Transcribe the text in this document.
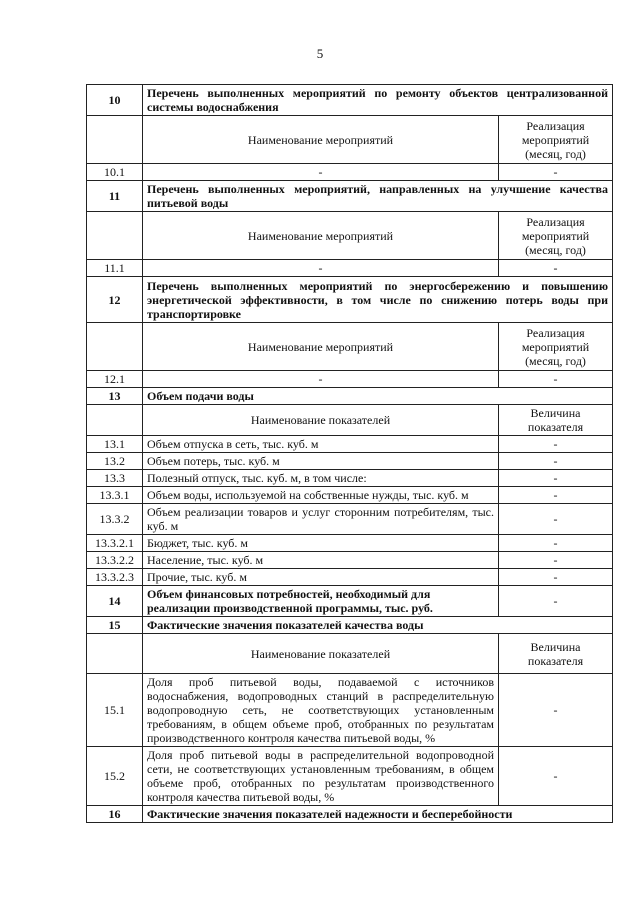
5
10	Перечень выполненных мероприятий по ремонту объектов централизованной системы водоснабжения	
	Наименование мероприятий	Реализация мероприятий (месяц, год)
10.1	-	-
11	Перечень выполненных мероприятий, направленных на улучшение качества питьевой воды	
	Наименование мероприятий	Реализация мероприятий (месяц, год)
11.1	-	-
12	Перечень выполненных мероприятий по энергосбережению и повышению энергетической эффективности, в том числе по снижению потерь воды при транспортировке	
	Наименование мероприятий	Реализация мероприятий (месяц, год)
12.1	-	-
13	Объем подачи воды	
	Наименование показателей	Величина показателя
13.1	Объем отпуска в сеть, тыс. куб. м	-
13.2	Объем потерь, тыс. куб. м	-
13.3	Полезный отпуск, тыс. куб. м, в том числе:	-
13.3.1	Объем воды, используемой на собственные нужды, тыс. куб. м	-
13.3.2	Объем реализации товаров и услуг сторонним потребителям, тыс. куб. м	-
13.3.2.1	Бюджет, тыс. куб. м	-
13.3.2.2	Население, тыс. куб. м	-
13.3.2.3	Прочие, тыс. куб. м	-
14	Объем финансовых потребностей, необходимый для реализации производственной программы, тыс. руб.	-
15	Фактические значения показателей качества воды	
	Наименование показателей	Величина показателя
15.1	Доля проб питьевой воды, подаваемой с источников водоснабжения, водопроводных станций в распределительную водопроводную сеть, не соответствующих установленным требованиям, в общем объеме проб, отобранных по результатам производственного контроля качества питьевой воды, %	-
15.2	Доля проб питьевой воды в распределительной водопроводной сети, не соответствующих установленным требованиям, в общем объеме проб, отобранных по результатам производственного контроля качества питьевой воды, %	-
16	Фактические значения показателей надежности и бесперебойности	
